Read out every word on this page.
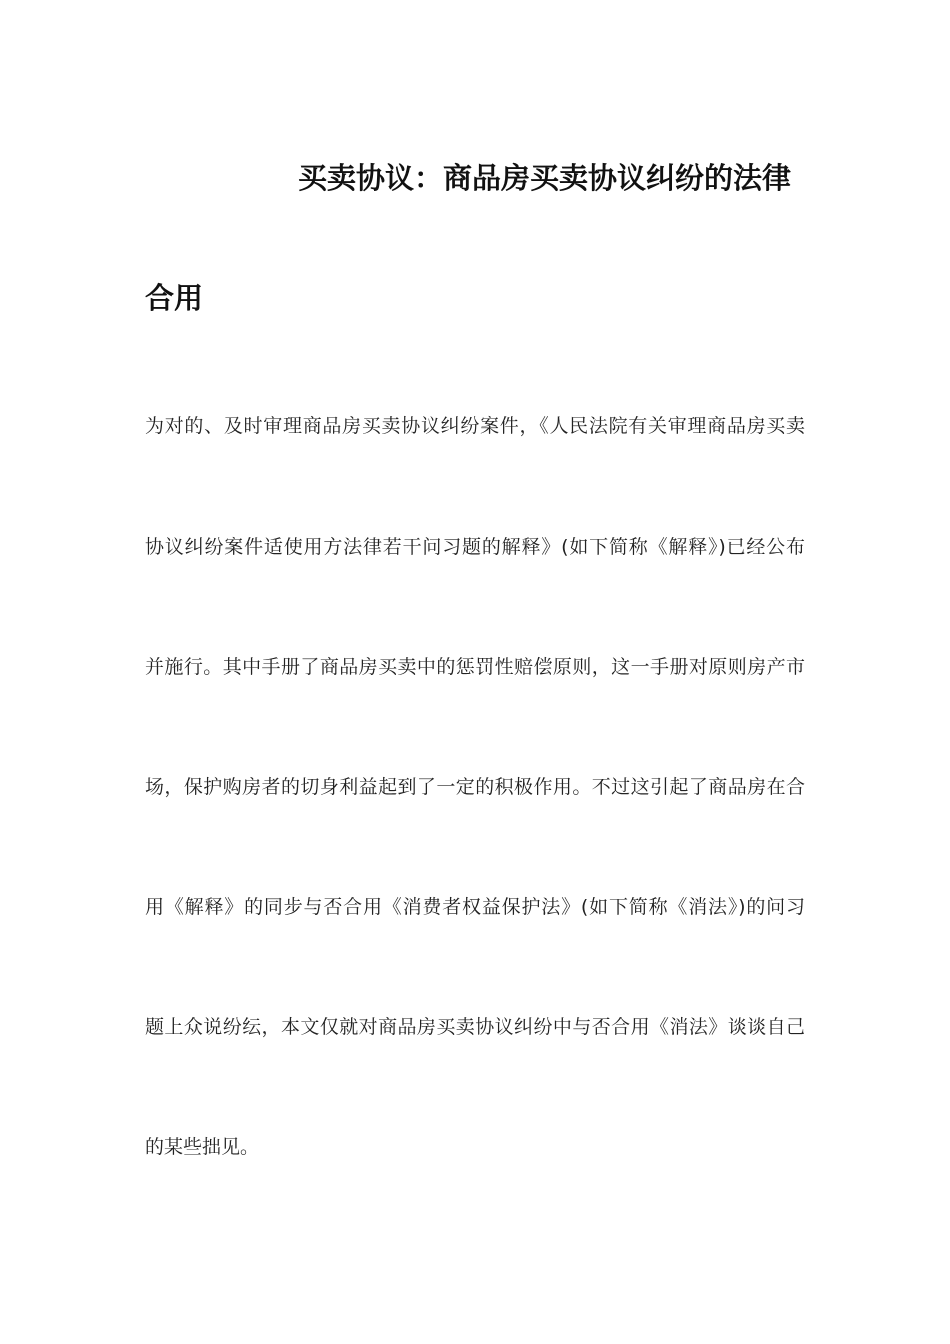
买卖协议：商品房买卖协议纠纷的法律
合用
为对的、及时审理商品房买卖协议纠纷案件，《人民法院有关审理商品房买卖
协议纠纷案件适使用方法律若干问习题的解释》(如下简称《解释》)已经公布
并施行。其中手册了商品房买卖中的惩罚性赔偿原则，这一手册对原则房产市
场，保护购房者的切身利益起到了一定的积极作用。不过这引起了商品房在合
用《解释》的同步与否合用《消费者权益保护法》(如下简称《消法》)的问习
题上众说纷纭，本文仅就对商品房买卖协议纠纷中与否合用《消法》谈谈自己
的某些拙见。
